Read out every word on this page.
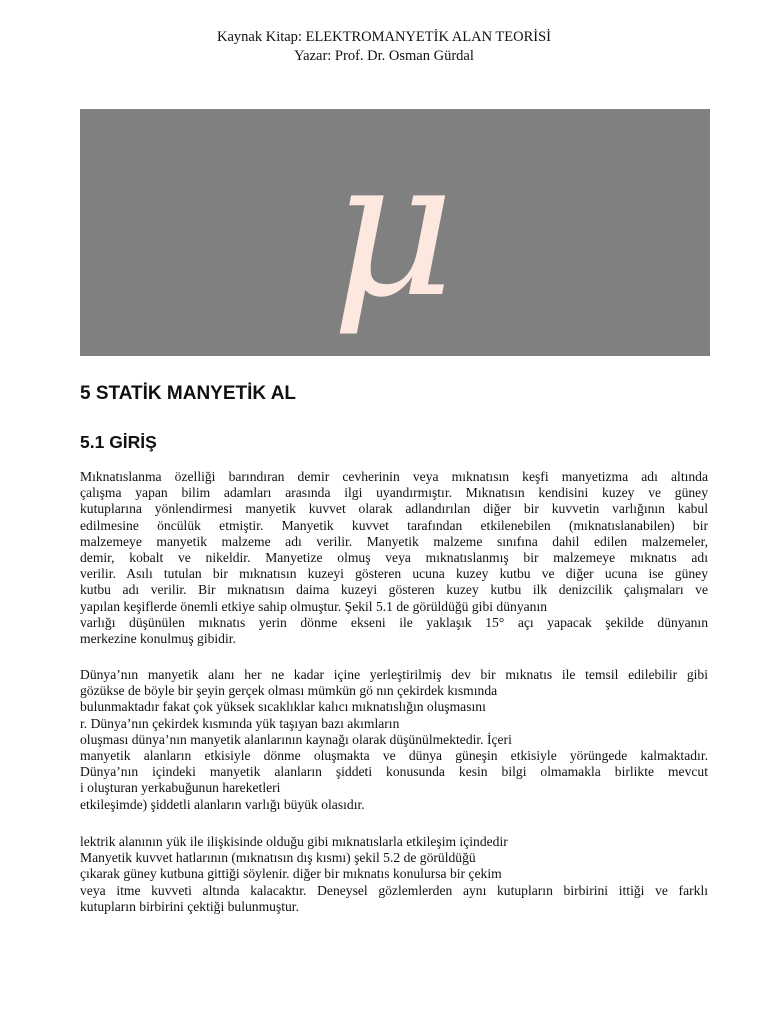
Kaynak Kitap: ELEKTROMANYETİK ALAN TEORİSİ
Yazar: Prof. Dr. Osman Gürdal
μ
5 STATİK MANYETİK AL
5.1 GİRİŞ
Mıknatıslanma özelliği barındıran demir cevherinin veya mıknatısın keşfi manyetizma adı altında
çalışma yapan bilim adamları arasında ilgi uyandırmıştır. Mıknatısın kendisini kuzey ve güney
kutuplarına yönlendirmesi manyetik kuvvet olarak adlandırılan diğer bir kuvvetin varlığının kabul
edilmesine öncülük etmiştir. Manyetik kuvvet tarafından etkilenebilen (mıknatıslanabilen) bir
malzemeye manyetik malzeme adı verilir. Manyetik malzeme sınıfına dahil edilen malzemeler,
demir, kobalt ve nikeldir. Manyetize olmuş veya mıknatıslanmış bir malzemeye mıknatıs adı
verilir. Asılı tutulan bir mıknatısın kuzeyi gösteren ucuna kuzey kutbu ve diğer ucuna ise güney
kutbu adı verilir. Bir mıknatısın daima kuzeyi gösteren kuzey kutbu ilk denizcilik çalışmaları ve
yapılan keşiflerde önemli etkiye sahip olmuştur. Şekil 5.1 de görüldüğü gibi dünyanın
varlığı düşünülen mıknatıs yerin dönme ekseni ile yaklaşık 15° açı yapacak şekilde dünyanın
merkezine konulmuş gibidir.
Dünya’nın manyetik alanı her ne kadar içine yerleştirilmiş dev bir mıknatıs ile temsil edilebilir gibi
gözükse de böyle bir şeyin gerçek olması mümkün gö nın çekirdek kısmında
bulunmaktadır fakat çok yüksek sıcaklıklar kalıcı mıknatıslığın oluşmasını
r. Dünya’nın çekirdek kısmında yük taşıyan bazı akımların
oluşması dünya’nın manyetik alanlarının kaynağı olarak düşünülmektedir. İçeri
manyetik alanların etkisiyle dönme oluşmakta ve dünya güneşin etkisiyle yörüngede kalmaktadır.
Dünya’nın içindeki manyetik alanların şiddeti konusunda kesin bilgi olmamakla birlikte mevcut
i oluşturan yerkabuğunun hareketleri
etkileşimde) şiddetli alanların varlığı büyük olasıdır.
lektrik alanının yük ile ilişkisinde olduğu gibi mıknatıslarla etkileşim içindedir
Manyetik kuvvet hatlarının (mıknatısın dış kısmı) şekil 5.2 de görüldüğü
çıkarak güney kutbuna gittiği söylenir. diğer bir mıknatıs konulursa bir çekim
veya itme kuvveti altında kalacaktır. Deneysel gözlemlerden aynı kutupların birbirini ittiği ve farklı
kutupların birbirini çektiği bulunmuştur.
